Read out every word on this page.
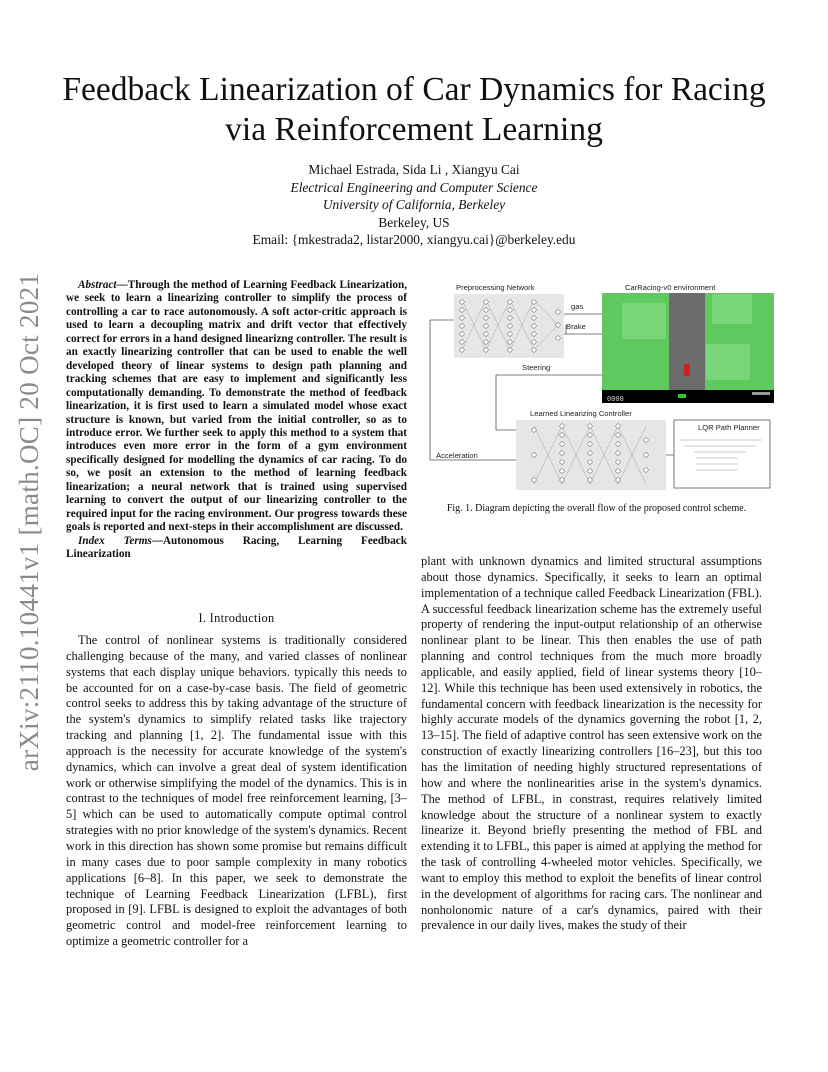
Feedback Linearization of Car Dynamics for Racing
via Reinforcement Learning
Michael Estrada, Sida Li , Xiangyu Cai
Electrical Engineering and Computer Science
University of California, Berkeley
Berkeley, US
Email: {mkestrada2, listar2000, xiangyu.cai}@berkeley.edu
arXiv:2110.10441v1 [math.OC] 20 Oct 2021	Abstract—Through the method of Learning Feedback Linearization, we seek to learn a linearizing controller to simplify the process of controlling a car to race autonomously. A soft actor-critic approach is used to learn a decoupling matrix and drift vector that effectively correct for errors in a hand designed linearizng controller. The result is an exactly linearizing controller that can be used to enable the well developed theory of linear systems to design path planning and tracking schemes that are easy to implement and significantly less computationally demanding. To demonstrate the method of feedback linearization, it is first used to learn a simulated model whose exact structure is known, but varied from the initial controller, so as to introduce error. We further seek to apply this method to a system that introduces even more error in the form of a gym environment specifically designed for modelling the dynamics of car racing. To do so, we posit an extension to the method of learning feedback linearization; a neural network that is trained using supervised learning to convert the output of our linearizing controller to the required input for the racing environment. Our progress towards these goals is reported and next-steps in their accomplishment are discussed.

Index Terms—Autonomous Racing, Learning Feedback Linearization

I. Introduction

The control of nonlinear systems is traditionally considered challenging because of the many, and varied classes of nonlinear systems that each display unique behaviors. typically this needs to be accounted for on a case-by-case basis. The field of geometric control seeks to address this by taking advantage of the structure of the system's dynamics to simplify related tasks like trajectory tracking and planning [1, 2]. The fundamental issue with this approach is the necessity for accurate knowledge of the system's dynamics, which can involve a great deal of system identification work or otherwise simplifying the model of the dynamics. This is in contrast to the techniques of model free reinforcement learning, [3–5] which can be used to automatically compute optimal control strategies with no prior knowledge of the system's dynamics. Recent work in this direction has shown some promise but remains difficult in many cases due to poor sample complexity in many robotics applications [6–8]. In this paper, we seek to demonstrate the technique of Learning Feedback Linearization (LFBL), first proposed in [9]. LFBL is designed to exploit the advantages of both geometric control and model-free reinforcement learning to optimize a geometric controller for a

plant with unknown dynamics and limited structural assumptions about those dynamics. Specifically, it seeks to learn an optimal implementation of a technique called Feedback Linearization (FBL). A successful feedback linearization scheme has the extremely useful property of rendering the input-output relationship of an otherwise nonlinear plant to be linear. This then enables the use of path planning and control techniques from the much more broadly applicable, and easily applied, field of linear systems theory [10–12]. While this technique has been used extensively in robotics, the fundamental concern with feedback linearization is the necessity for highly accurate models of the dynamics governing the robot [1, 2, 13–15]. The field of adaptive control has seen extensive work on the construction of exactly linearizing controllers [16–23], but this too has the limitation of needing highly structured representations of how and where the nonlinearities arise in the system's dynamics. The method of LFBL, in constrast, requires relatively limited knowledge about the structure of a nonlinear system to exactly linearize it. Beyond briefly presenting the method of FBL and extending it to LFBL, this paper is aimed at applying the method for the task of controlling 4-wheeled motor vehicles. Specifically, we want to employ this method to exploit the benefits of linear control in the development of algorithms for racing cars. The nonlinear and nonholonomic nature of a car's dynamics, paired with their prevalence in our daily lives, makes the study of their

Preprocessing Network
gas
Brake
CarRacing-v0 environment
0000
Steering
Learned Linearizing Controller
Acceleration
LQR Path Planner
Fig. 1. Diagram depicting the overall flow of the proposed control scheme.
